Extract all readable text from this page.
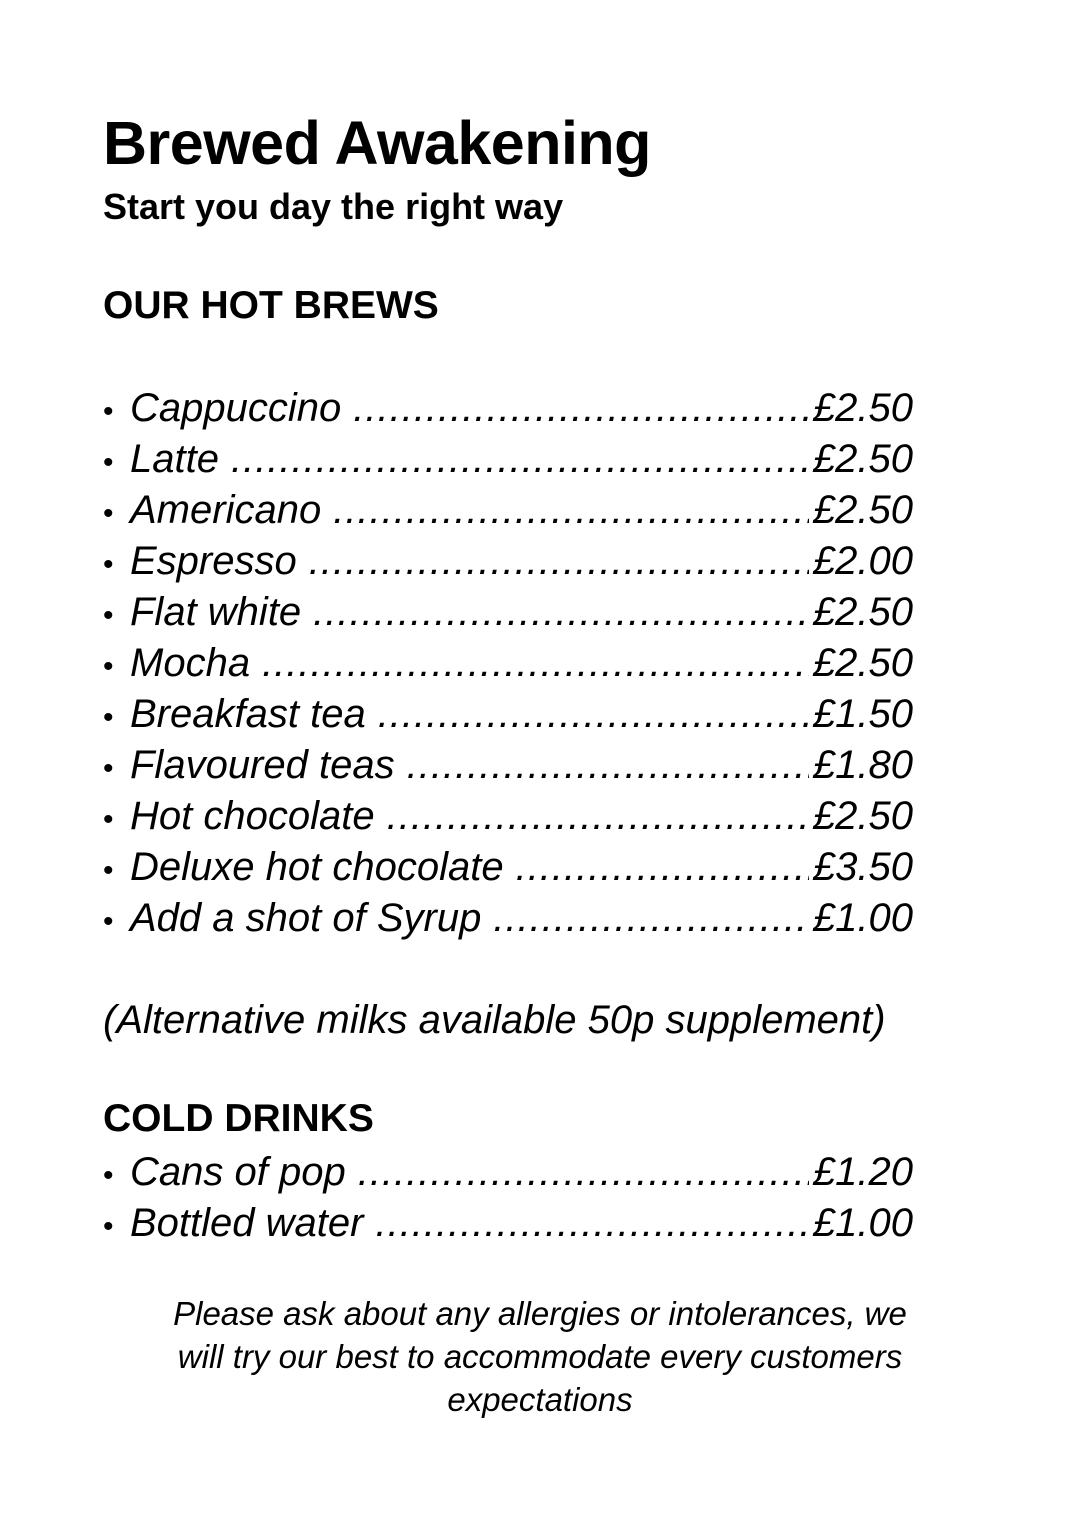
Brewed Awakening
Start you day the right way
OUR HOT BREWS
• Cappuccino .....	£2.50
• Latte .....	£2.50
• Americano .....	£2.50
• Espresso .....	£2.00
• Flat white .....	£2.50
• Mocha .....	£2.50
• Breakfast tea .....	£1.50
• Flavoured teas .....	£1.80
• Hot chocolate .....	£2.50
• Deluxe hot chocolate .....	£3.50
• Add a shot of Syrup .....	£1.00
(Alternative milks available 50p supplement)
COLD DRINKS
• Cans of pop .....	£1.20
• Bottled water .....	£1.00
Please ask about any allergies or intolerances, we
will try our best to accommodate every customers
expectations
